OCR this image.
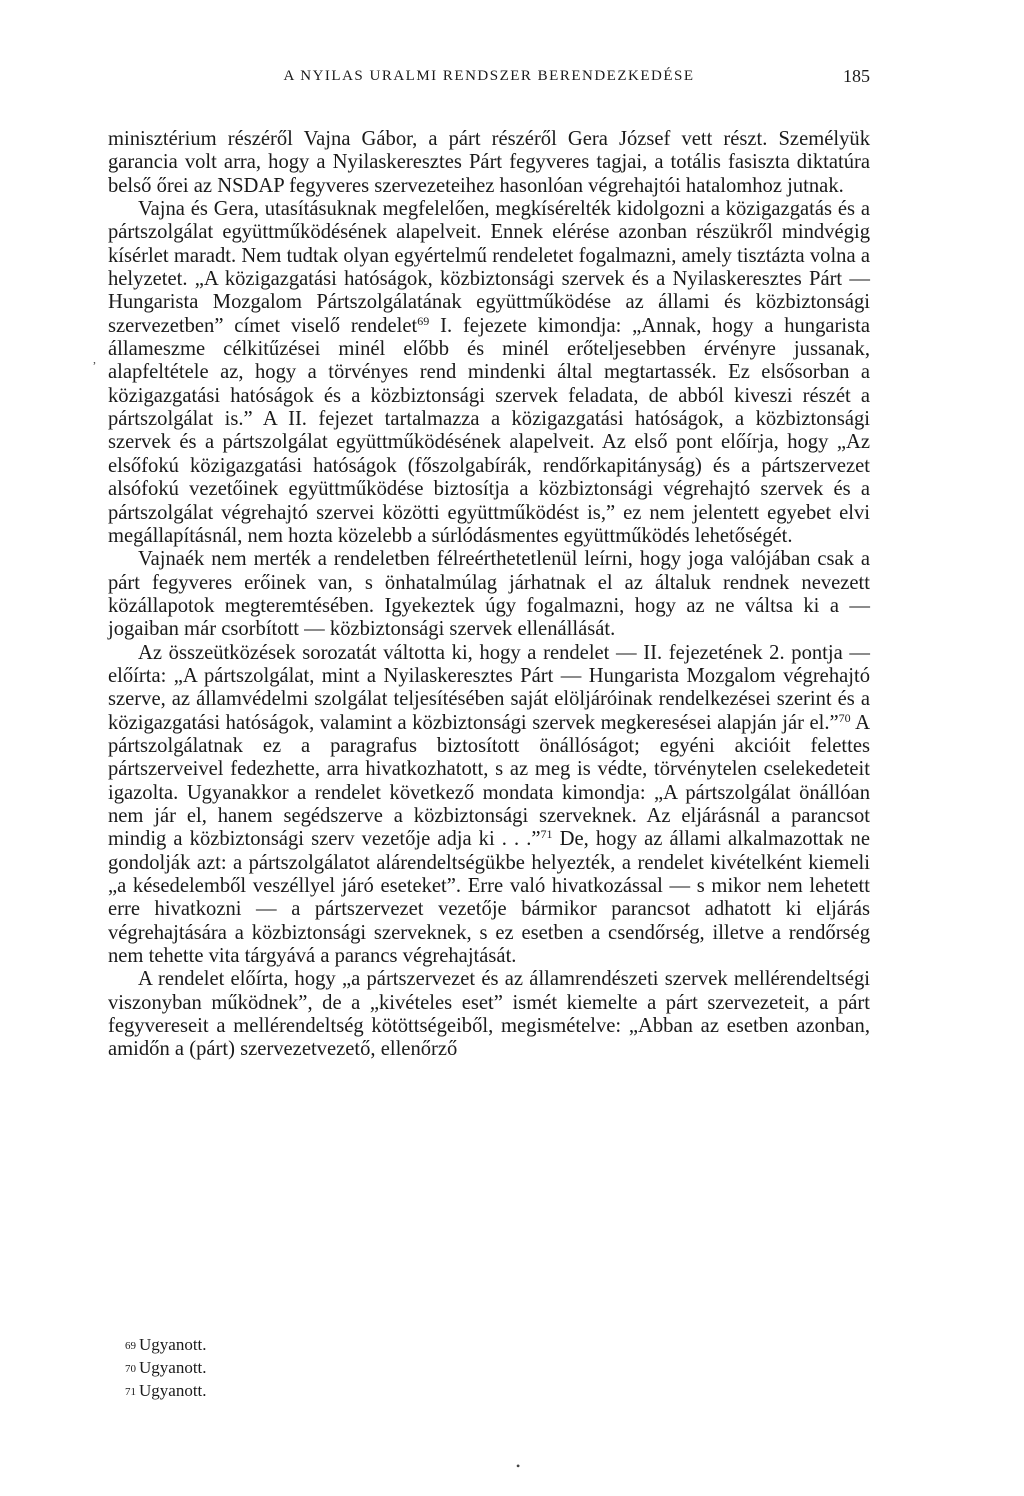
A NYILAS URALMI RENDSZER BERENDEZKEDÉSE	185

minisztérium részéről Vajna Gábor, a párt részéről Gera József vett részt. Személyük garancia volt arra, hogy a Nyilaskeresztes Párt fegyveres tagjai, a totális fasiszta diktatúra belső őrei az NSDAP fegyveres szervezeteihez hasonlóan végrehajtói hatalomhoz jutnak.

Vajna és Gera, utasításuknak megfelelően, megkísérelték kidolgozni a közigazgatás és a pártszolgálat együttműködésének alapelveit. Ennek elérése azonban részükről mindvégig kísérlet maradt. Nem tudtak olyan egyértelmű rendeletet fogalmazni, amely tisztázta volna a helyzetet. „A közigazgatási hatóságok, közbiztonsági szervek és a Nyilaskeresztes Párt — Hungarista Mozgalom Pártszolgálatának együttműködése az állami és közbiztonsági szervezetben” címet viselő rendelet$^{69}$ I. fejezete kimondja: „Annak, hogy a hungarista állameszme célkitűzései minél előbb és minél erőteljesebben érvényre jussanak, alapfeltétele az, hogy a törvényes rend mindenki által megtartassék. Ez elsősorban a közigazgatási hatóságok és a közbiztonsági szervek feladata, de abból kiveszi részét a pártszolgálat is.” A II. fejezet tartalmazza a közigazgatási hatóságok, a közbiztonsági szervek és a pártszolgálat együttműködésének alapelveit. Az első pont előírja, hogy „Az elsőfokú közigazgatási hatóságok (főszolgabírák, rendőrkapitányság) és a pártszervezet alsófokú vezetőinek együttműködése biztosítja a közbiztonsági végrehajtó szervek és a pártszolgálat végrehajtó szervei közötti együttműködést is,” ez nem jelentett egyebet elvi megállapításnál, nem hozta közelebb a súrlódásmentes együttműködés lehetőségét.

Vajnaék nem merték a rendeletben félreérthetetlenül leírni, hogy joga valójában csak a párt fegyveres erőinek van, s önhatalmúlag járhatnak el az általuk rendnek nevezett közállapotok megteremtésében. Igyekeztek úgy fogalmazni, hogy az ne váltsa ki a — jogaiban már csorbított — közbiztonsági szervek ellenállását.

Az összeütközések sorozatát váltotta ki, hogy a rendelet — II. fejezetének 2. pontja — előírta: „A pártszolgálat, mint a Nyilaskeresztes Párt — Hungarista Mozgalom végrehajtó szerve, az államvédelmi szolgálat teljesítésében saját elöljáróinak rendelkezései szerint és a közigazgatási hatóságok, valamint a közbiztonsági szervek megkeresései alapján jár el.”$^{70}$ A pártszolgálatnak ez a paragrafus biztosított önállóságot; egyéni akcióit felettes pártszerveivel fedezhette, arra hivatkozhatott, s az meg is védte, törvénytelen cselekedeteit igazolta. Ugyanakkor a rendelet következő mondata kimondja: „A pártszolgálat önállóan nem jár el, hanem segédszerve a közbiztonsági szerveknek. Az eljárásnál a parancsot mindig a közbiztonsági szerv vezetője adja ki . . .”$^{71}$ De, hogy az állami alkalmazottak ne gondolják azt: a pártszolgálatot alárendeltségükbe helyezték, a rendelet kivételként kiemeli „a késedelemből veszéllyel járó eseteket”. Erre való hivatkozással — s mikor nem lehetett erre hivatkozni — a pártszervezet vezetője bármikor parancsot adhatott ki eljárás végrehajtására a közbiztonsági szerveknek, s ez esetben a csendőrség, illetve a rendőrség nem tehette vita tárgyává a parancs végrehajtását.

A rendelet előírta, hogy „a pártszervezet és az államrendészeti szervek mellérendeltségi viszonyban működnek”, de a „kivételes eset” ismét kiemelte a párt szervezeteit, a párt fegyvereseit a mellérendeltség kötöttségeiből, megismételve: „Abban az esetben azonban, amidőn a (párt) szervezetvezető, ellenőrző

,
69 Ugyanott.
70 Ugyanott.
71 Ugyanott.
•
